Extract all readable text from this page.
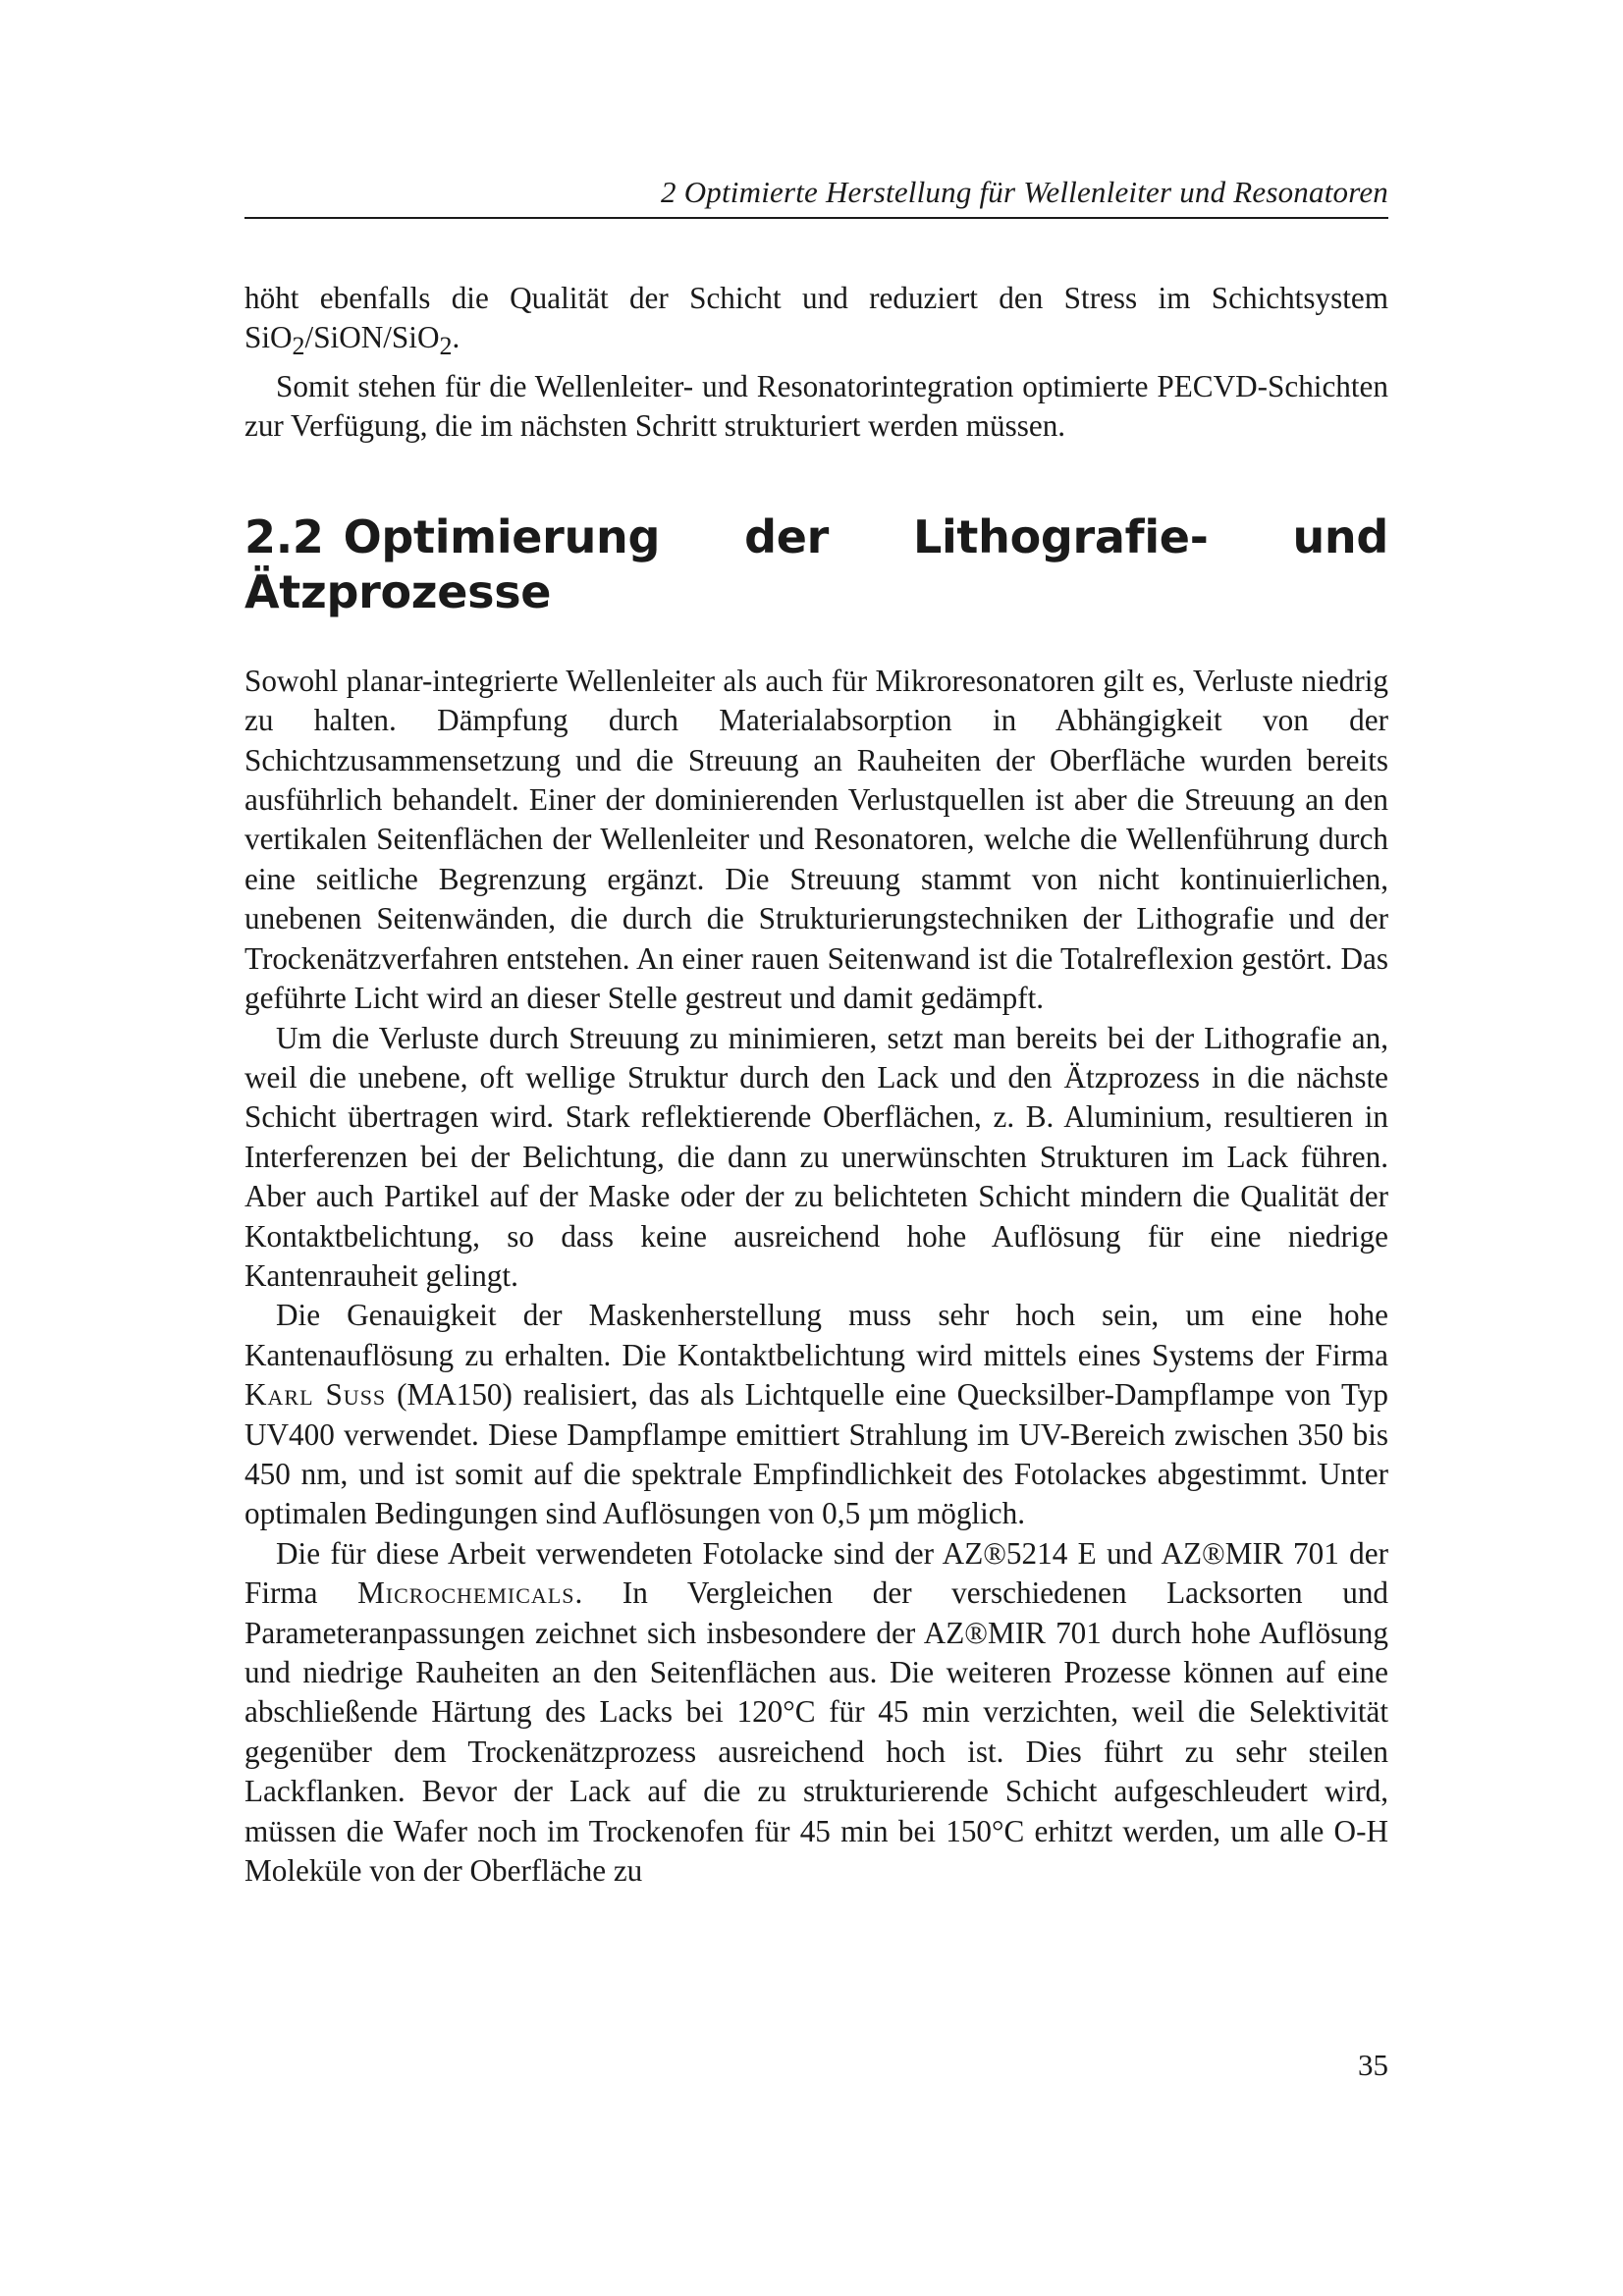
2 Optimierte Herstellung für Wellenleiter und Resonatoren

höht ebenfalls die Qualität der Schicht und reduziert den Stress im Schichtsystem SiO$_2$/SiON/SiO$_2$.

Somit stehen für die Wellenleiter- und Resonatorintegration optimierte PECVD-Schichten zur Verfügung, die im nächsten Schritt strukturiert werden müssen.

2.2 Optimierung der Lithografie- und Ätzprozesse

Sowohl planar-integrierte Wellenleiter als auch für Mikroresonatoren gilt es, Verluste niedrig zu halten. Dämpfung durch Materialabsorption in Abhängigkeit von der Schichtzusammensetzung und die Streuung an Rauheiten der Oberfläche wurden bereits ausführlich behandelt. Einer der dominierenden Verlustquellen ist aber die Streuung an den vertikalen Seitenflächen der Wellenleiter und Resonatoren, welche die Wellenführung durch eine seitliche Begrenzung ergänzt. Die Streuung stammt von nicht kontinuierlichen, unebenen Seitenwänden, die durch die Strukturierungstechniken der Lithografie und der Trockenätzverfahren entstehen. An einer rauen Seitenwand ist die Totalreflexion gestört. Das geführte Licht wird an dieser Stelle gestreut und damit gedämpft.

Um die Verluste durch Streuung zu minimieren, setzt man bereits bei der Lithografie an, weil die unebene, oft wellige Struktur durch den Lack und den Ätzprozess in die nächste Schicht übertragen wird. Stark reflektierende Oberflächen, z. B. Aluminium, resultieren in Interferenzen bei der Belichtung, die dann zu unerwünschten Strukturen im Lack führen. Aber auch Partikel auf der Maske oder der zu belichteten Schicht mindern die Qualität der Kontaktbelichtung, so dass keine ausreichend hohe Auflösung für eine niedrige Kantenrauheit gelingt.

Die Genauigkeit der Maskenherstellung muss sehr hoch sein, um eine hohe Kantenauflösung zu erhalten. Die Kontaktbelichtung wird mittels eines Systems der Firma Karl Suss (MA150) realisiert, das als Lichtquelle eine Quecksilber-Dampflampe von Typ UV400 verwendet. Diese Dampflampe emittiert Strahlung im UV-Bereich zwischen 350 bis 450 nm, und ist somit auf die spektrale Empfindlichkeit des Fotolackes abgestimmt. Unter optimalen Bedingungen sind Auflösungen von 0,5 µm möglich.

Die für diese Arbeit verwendeten Fotolacke sind der AZ®5214 E und AZ®MIR 701 der Firma Microchemicals. In Vergleichen der verschiedenen Lacksorten und Parameteranpassungen zeichnet sich insbesondere der AZ®MIR 701 durch hohe Auflösung und niedrige Rauheiten an den Seitenflächen aus. Die weiteren Prozesse können auf eine abschließende Härtung des Lacks bei 120°C für 45 min verzichten, weil die Selektivität gegenüber dem Trockenätzprozess ausreichend hoch ist. Dies führt zu sehr steilen Lackflanken. Bevor der Lack auf die zu strukturierende Schicht aufgeschleudert wird, müssen die Wafer noch im Trockenofen für 45 min bei 150°C erhitzt werden, um alle O-H Moleküle von der Oberfläche zu

35
